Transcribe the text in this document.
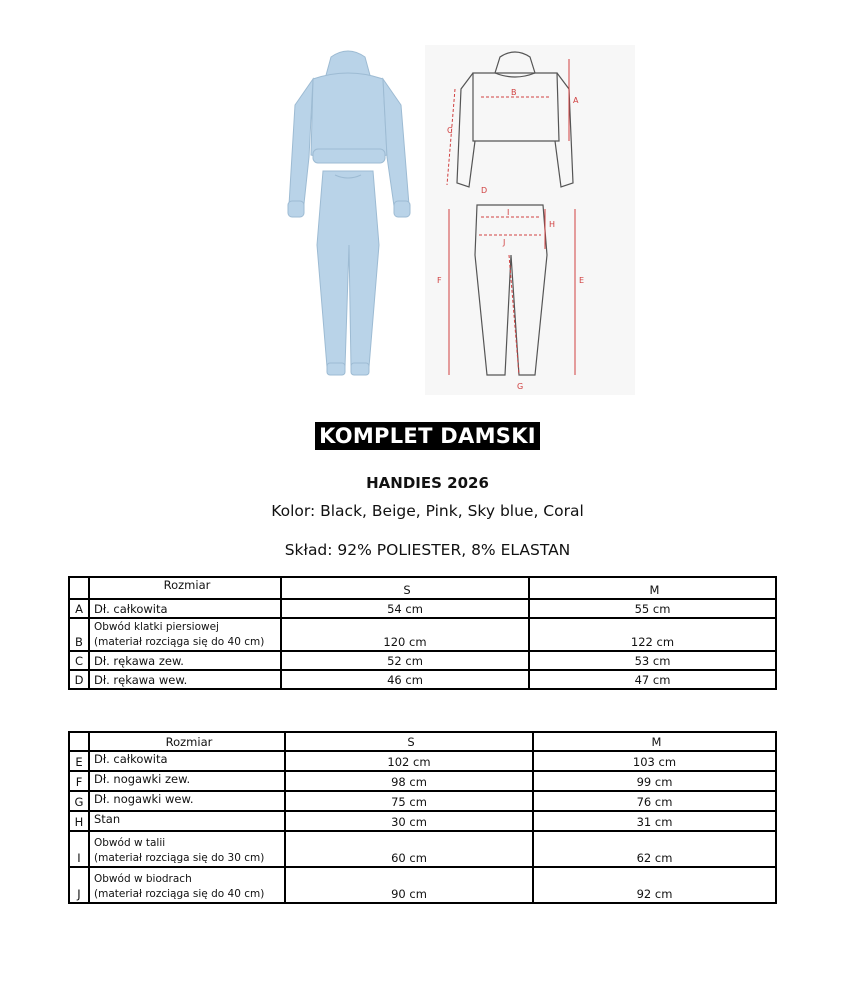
A
B
C
D
E
F
G
H
I
J
KOMPLET DAMSKI
HANDIES 2026
Kolor: Black, Beige, Pink, Sky blue, Coral
Skład: 92% POLIESTER, 8% ELASTAN
	Rozmiar	S	M
A	Dł. całkowita	54 cm	55 cm
B	Obwód klatki piersiowej
(materiał rozciąga się do 40 cm)	120 cm	122 cm
C	Dł. rękawa zew.	52 cm	53 cm
D	Dł. rękawa wew.	46 cm	47 cm
	Rozmiar	S	M
E	Dł. całkowita	102 cm	103 cm
F	Dł. nogawki zew.	98 cm	99 cm
G	Dł. nogawki wew.	75 cm	76 cm
H	Stan	30 cm	31 cm
I	Obwód w talii
(materiał rozciąga się do 30 cm)	60 cm	62 cm
J	Obwód w biodrach
(materiał rozciąga się do 40 cm)	90 cm	92 cm
